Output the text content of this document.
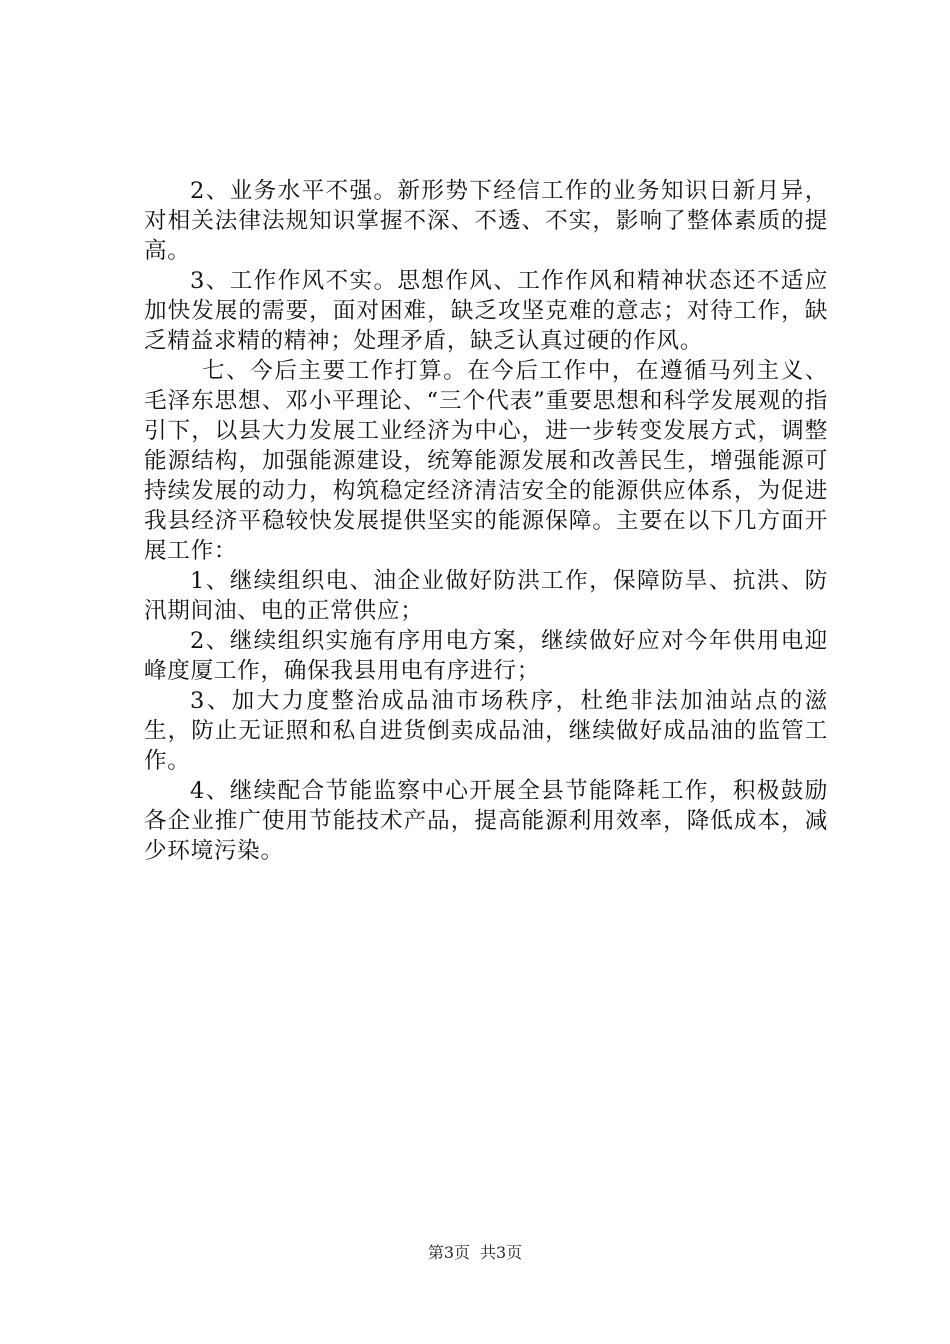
2、业务水平不强。新形势下经信工作的业务知识日新月异，对相关法律法规知识掌握不深、不透、不实，影响了整体素质的提高。

3、工作作风不实。思想作风、工作作风和精神状态还不适应加快发展的需要，面对困难，缺乏攻坚克难的意志；对待工作，缺乏精益求精的精神；处理矛盾，缺乏认真过硬的作风。

七、今后主要工作打算。在今后工作中，在遵循马列主义、毛泽东思想、邓小平理论、“三个代表”重要思想和科学发展观的指引下，以县大力发展工业经济为中心，进一步转变发展方式，调整能源结构，加强能源建设，统筹能源发展和改善民生，增强能源可持续发展的动力，构筑稳定经济清洁安全的能源供应体系，为促进我县经济平稳较快发展提供坚实的能源保障。主要在以下几方面开展工作：

1、继续组织电、油企业做好防洪工作，保障防旱、抗洪、防汛期间油、电的正常供应；

2、继续组织实施有序用电方案，继续做好应对今年供用电迎峰度厦工作，确保我县用电有序进行；

3、加大力度整治成品油市场秩序，杜绝非法加油站点的滋生，防止无证照和私自进货倒卖成品油，继续做好成品油的监管工作。

4、继续配合节能监察中心开展全县节能降耗工作，积极鼓励各企业推广使用节能技术产品，提高能源利用效率，降低成本，减少环境污染。

第3页 共3页
